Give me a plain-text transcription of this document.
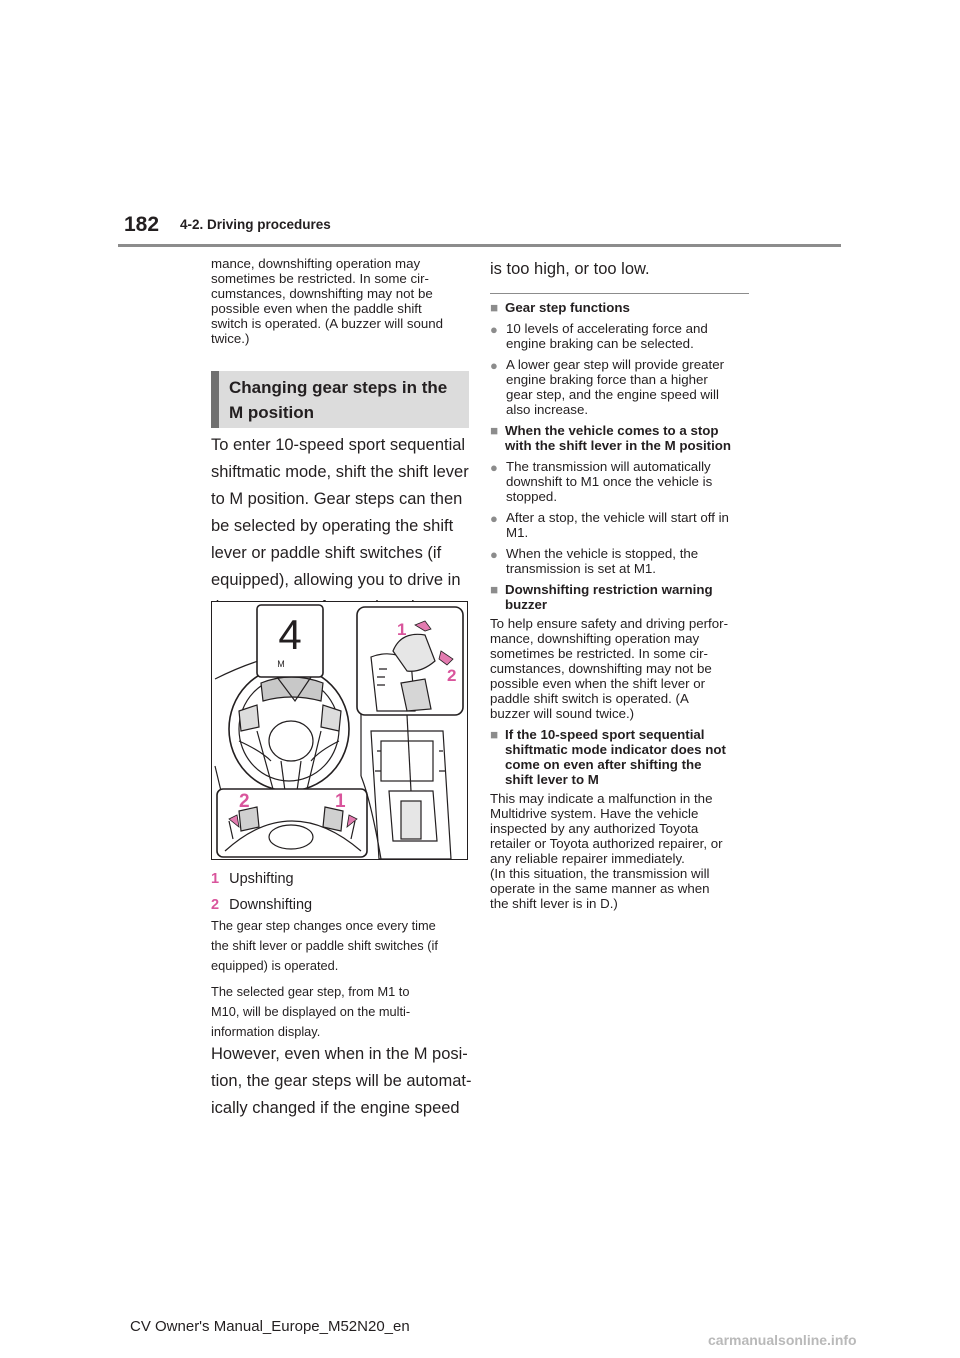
182 4-2. Driving procedures
mance, downshifting operation may
sometimes be restricted. In some cir-
cumstances, downshifting may not be
possible even when the paddle shift
switch is operated. (A buzzer will sound
twice.)
Changing gear steps in the
M position
To enter 10-speed sport sequential
shiftmatic mode, shift the shift lever
to M position. Gear steps can then
be selected by operating the shift
lever or paddle shift switches (if
equipped), allowing you to drive in
4
M
1
2
2	1
1 Upshifting
2 Downshifting
The gear step changes once every time
the shift lever or paddle shift switches (if
equipped) is operated.
The selected gear step, from M1 to
M10, will be displayed on the multi-
information display.
However, even when in the M posi-
tion, the gear steps will be automat-
ically changed if the engine speed
is too high, or too low.
■ Gear step functions
● 10 levels of accelerating force and
engine braking can be selected.
● A lower gear step will provide greater
engine braking force than a higher
gear step, and the engine speed will
also increase.
■ When the vehicle comes to a stop
with the shift lever in the M position
● The transmission will automatically
downshift to M1 once the vehicle is
stopped.
● After a stop, the vehicle will start off in
M1.
● When the vehicle is stopped, the
transmission is set at M1.
■ Downshifting restriction warning
buzzer
To help ensure safety and driving perfor-
mance, downshifting operation may
sometimes be restricted. In some cir-
cumstances, downshifting may not be
possible even when the shift lever or
paddle shift switch is operated. (A
buzzer will sound twice.)
■ If the 10-speed sport sequential
shiftmatic mode indicator does not
come on even after shifting the
shift lever to M
This may indicate a malfunction in the
Multidrive system. Have the vehicle
inspected by any authorized Toyota
retailer or Toyota authorized repairer, or
any reliable repairer immediately.
(In this situation, the transmission will
operate in the same manner as when
the shift lever is in D.)
CV Owner's Manual_Europe_M52N20_en
carmanualsonline.info
